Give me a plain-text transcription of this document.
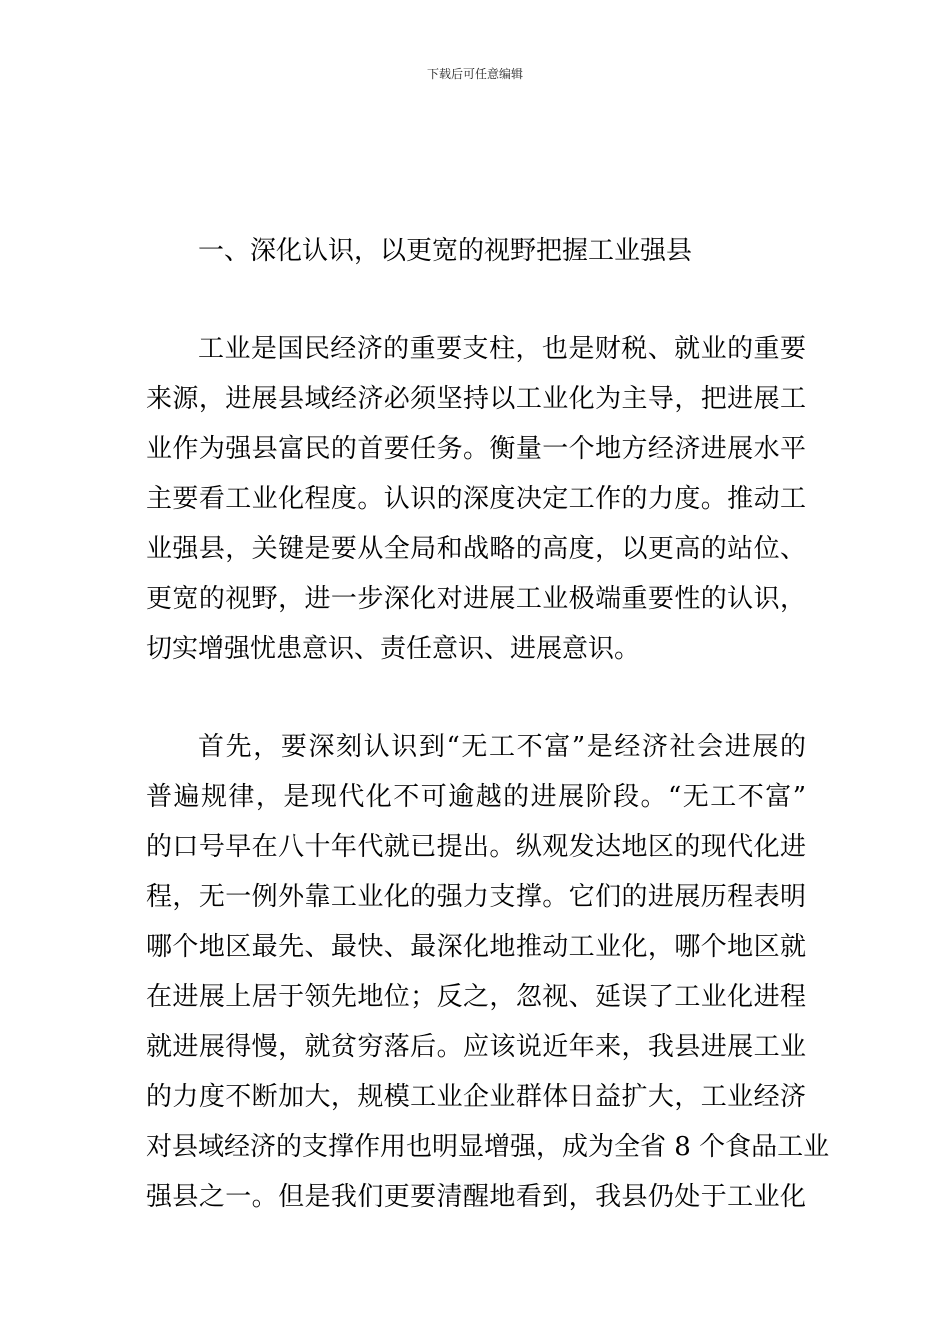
下载后可任意编辑
一、深化认识，以更宽的视野把握工业强县
工业是国民经济的重要支柱，也是财税、就业的重要
来源，进展县域经济必须坚持以工业化为主导，把进展工
业作为强县富民的首要任务。衡量一个地方经济进展水平
主要看工业化程度。认识的深度决定工作的力度。推动工
业强县，关键是要从全局和战略的高度，以更高的站位、
更宽的视野，进一步深化对进展工业极端重要性的认识，
切实增强忧患意识、责任意识、进展意识。
首先，要深刻认识到“无工不富”是经济社会进展的
普遍规律，是现代化不可逾越的进展阶段。“无工不富”
的口号早在八十年代就已提出。纵观发达地区的现代化进
程，无一例外靠工业化的强力支撑。它们的进展历程表明
哪个地区最先、最快、最深化地推动工业化，哪个地区就
在进展上居于领先地位；反之，忽视、延误了工业化进程
就进展得慢，就贫穷落后。应该说近年来，我县进展工业
的力度不断加大，规模工业企业群体日益扩大，工业经济
对县域经济的支撑作用也明显增强，成为全省 8 个食品工业
强县之一。但是我们更要清醒地看到，我县仍处于工业化
